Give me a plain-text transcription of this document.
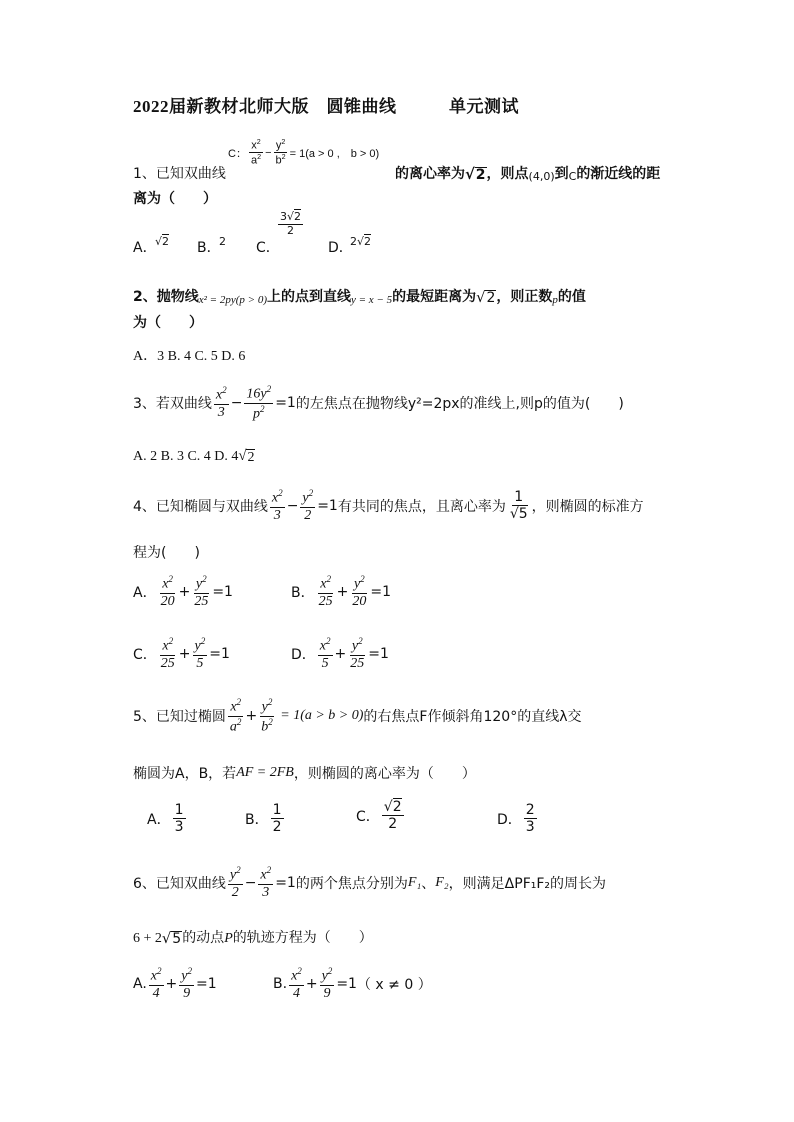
2022届新教材北师大版　圆锥曲线　　　单元测试
C： $\frac{x^2}{a^2} - \frac{y^2}{b^2} = 1(a > 0$ ,　b > 0)
1、已知双曲线	的离心率为 √ 2 ，则点 (4,0) 到 C 的渐近线的距
离为（　　）
A．
√2 B．
2 C．
$\frac{3√2}{2}$
D．
2√2
2、抛物线 x² = 2py(p > 0) 上的点到直线 y = x − 5 的最短距离为 √ 2 ，则正数 p 的值
为（　　）
A．3 B. 4 C. 5 D. 6
3、若双曲线 $\frac{x^2}{3} - \frac{16y^2}{p^2} =1$ 的左焦点在抛物线y²=2px的准线上,则p的值为(　　)
A. 2 B. 3 C. 4 D. 4 √ 2
4、已知椭圆与双曲线 $\frac{x^2}{3} - \frac{y^2}{2} =1$ 有共同的焦点，且离心率为 $\frac{1}{√5}$ ，则椭圆的标准方
程为(　　)
A． $\frac{x^2}{20} + \frac{y^2}{25} =1$	B． $\frac{x^2}{25} + \frac{y^2}{20} =1$
C． $\frac{x^2}{25} + \frac{y^2}{5} =1$	D． $\frac{x^2}{5} + \frac{y^2}{25} =1$
5、已知过椭圆 $\frac{x^2}{a^2} + \frac{y^2}{b^2} = 1(a > b > 0)$ 的右焦点F作倾斜角120°的直线λ交
椭圆为A，B，若 AF = 2FB ，则椭圆的离心率为（　　）
A． $\frac{1}{3}$	B． $\frac{1}{2}$	C． $\frac{√2}{2}$	D． $\frac{2}{3}$
6、已知双曲线 $\frac{y^2}{2} - \frac{x^2}{3} =1$ 的两个焦点分别为 F₁ 、 F₂ ，则满足ΔPF₁F₂的周长为
6 + 2 √ 5 的动点 P 的轨迹方程为（　　）
A. $\frac{x^2}{4} + \frac{y^2}{9} =1$	B. $\frac{x^2}{4} + \frac{y^2}{9} =1$ （ x ≠ 0 ）
